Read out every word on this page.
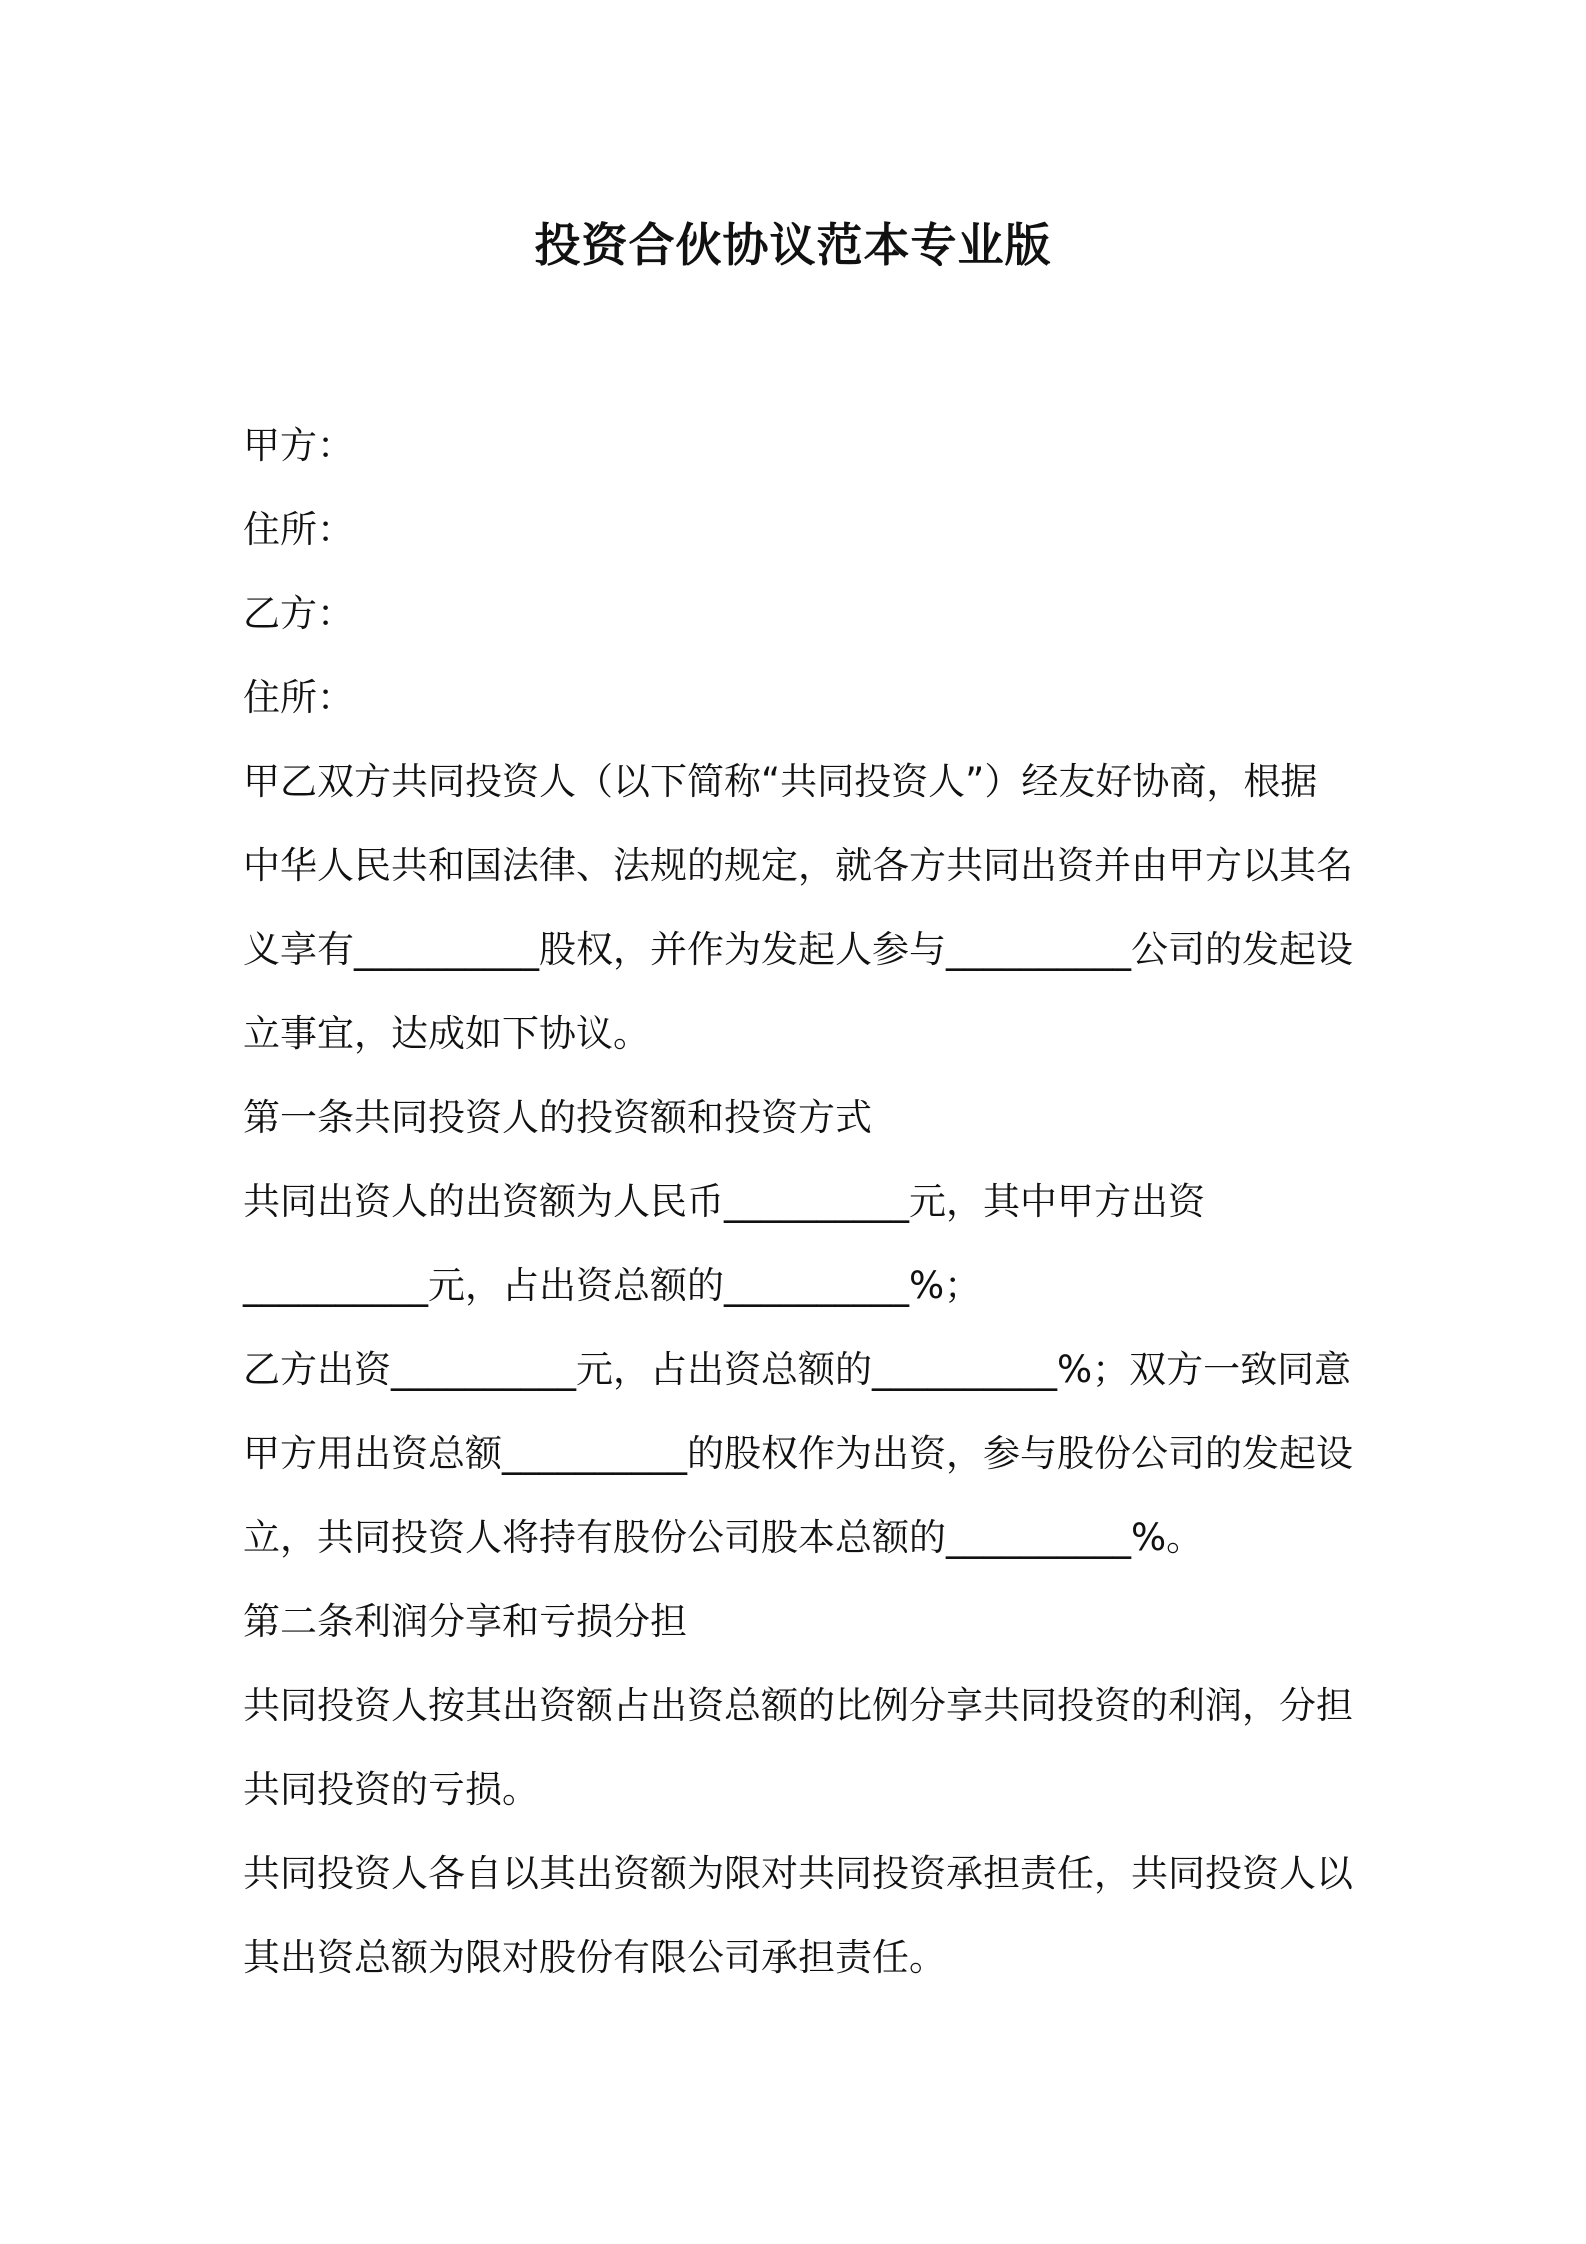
投资合伙协议范本专业版
甲方：
住所：
乙方：
住所：
甲乙双方共同投资人（以下简称“共同投资人”）经友好协商，根据
中华人民共和国法律、法规的规定，就各方共同出资并由甲方以其名
义享有__________股权，并作为发起人参与__________公司的发起设
立事宜，达成如下协议。
第一条共同投资人的投资额和投资方式
共同出资人的出资额为人民币__________元，其中甲方出资
__________元，占出资总额的__________%；
乙方出资__________元，占出资总额的__________%；双方一致同意
甲方用出资总额__________的股权作为出资，参与股份公司的发起设
立，共同投资人将持有股份公司股本总额的__________%。
第二条利润分享和亏损分担
共同投资人按其出资额占出资总额的比例分享共同投资的利润，分担
共同投资的亏损。
共同投资人各自以其出资额为限对共同投资承担责任，共同投资人以
其出资总额为限对股份有限公司承担责任。
